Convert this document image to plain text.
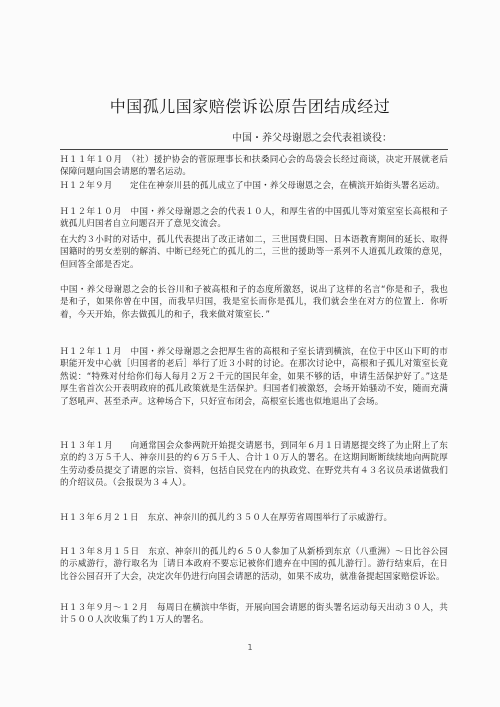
中国孤儿国家赔偿诉讼原告团结成经过
中国・养父母谢恩之会代表祖谈役：

Ｈ１１年１０月　（社）援护协会的菅原理事长和扶桑同心会的岛袋会长经过商谈，决定开展就老后保障问题向国会请愿的署名运动。

Ｈ１２年９月　　定住在神奈川县的孤儿成立了中国・养父母谢恩之会，在横滨开始街头署名运动。

Ｈ１２年１０月　中国・养父母谢恩之会的代表１０人，和厚生省的中国孤儿等对策室室长高根和子就孤儿归国者自立问题召开了意见交流会。

在大约３小时的对话中，孤儿代表提出了改正诸如二，三世国费归国、日本语教育期间的延长、取得国籍时的男女差别的解消、中断已经死亡的孤儿的二，三世的援助等一系列不人道孤儿政策的意见，但回答全部是否定。

中国・养父母谢恩之会的长谷川和子被高根和子的态度所激怒，说出了这样的名言“你是和子，我也是和子，如果你曾在中国，而我早归国，我是室长而你是孤儿，我们就会坐在对方的位置上．你听着，今天开始，你去做孤儿的和子，我来做对策室长．”

Ｈ１２年１１月　中国・养父母谢恩之会把厚生省的高根和子室长请到横滨，在位于中区山下町的市职能开发中心就［归国者的老后］举行了近３小时的讨论。在那次讨论中，高根和子孤儿对策室长竟然说：“特殊对付给你们每人每月２万２千元的国民年金，如果不够的话，申请生活保护好了。”这是厚生省首次公开表明政府的孤儿政策就是生活保护。归国者们被激怒，会场开始骚动不安，随而充满了怒吼声、甚至杀声。这种场合下，只好宣布闭会，高根室长逃也似地退出了会场。

Ｈ１３年１月　　向通常国会众参两院开始提交请愿书，到同年６月１日请愿提交终了为止附上了东京的约３万５千人、神奈川县的约６万５千人、合计１０万人的署名。在这期间断断续续地向两院厚生劳动委员提交了请愿的宗旨、资料，包括自民党在内的执政党、在野党共有４３名议员承诺做我们的介绍议员。（会报误为３４人）。

Ｈ１３年６月２１日　东京、神奈川的孤儿约３５０人在厚劳省周围举行了示威游行。

Ｈ１３年８月１５日　东京、神奈川的孤儿约６５０人参加了从新桥到东京（八重洲）～日比谷公园的示威游行，游行取名为［请日本政府不要忘记被你们遗弃在中国的孤儿游行］。游行结束后，在日比谷公园召开了大会，决定次年仍进行向国会请愿的活动，如果不成功，就准备提起国家赔偿诉讼。

Ｈ１３年９月～１２月　每周日在横滨中华街，开展向国会请愿的街头署名运动每天出动３０人，共计５００人次收集了约１万人的署名。

1
